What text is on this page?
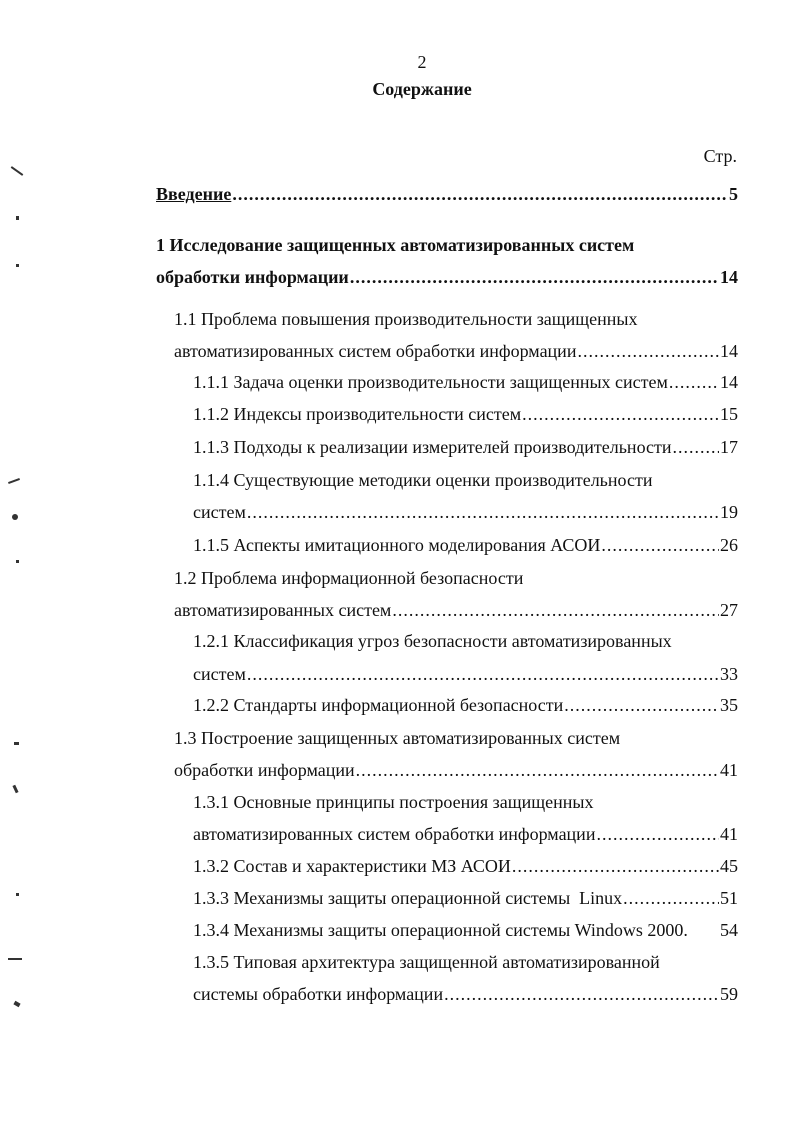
2
Содержание
Стр.
Введение .....	5
1 Исследование защищенных автоматизированных систем
обработки информации .....	14
1.1 Проблема повышения производительности защищенных
автоматизированных систем обработки информации .....	14
1.1.1 Задача оценки производительности защищенных систем .....	14
1.1.2 Индексы производительности систем .....	15
1.1.3 Подходы к реализации измерителей производительности .....	17
1.1.4 Существующие методики оценки производительности
систем .....	19
1.1.5 Аспекты имитационного моделирования АСОИ .....	26
1.2 Проблема информационной безопасности
автоматизированных систем .....	27
1.2.1 Классификация угроз безопасности автоматизированных
систем .....	33
1.2.2 Стандарты информационной безопасности .....	35
1.3 Построение защищенных автоматизированных систем
обработки информации .....	41
1.3.1 Основные принципы построения защищенных
автоматизированных систем обработки информации .....	41
1.3.2 Состав и характеристики МЗ АСОИ .....	45
1.3.3 Механизмы защиты операционной системы  Linux .....	51
1.3.4 Механизмы защиты операционной системы Windows 2000. 54
1.3.5 Типовая архитектура защищенной автоматизированной
системы обработки информации .....	59
